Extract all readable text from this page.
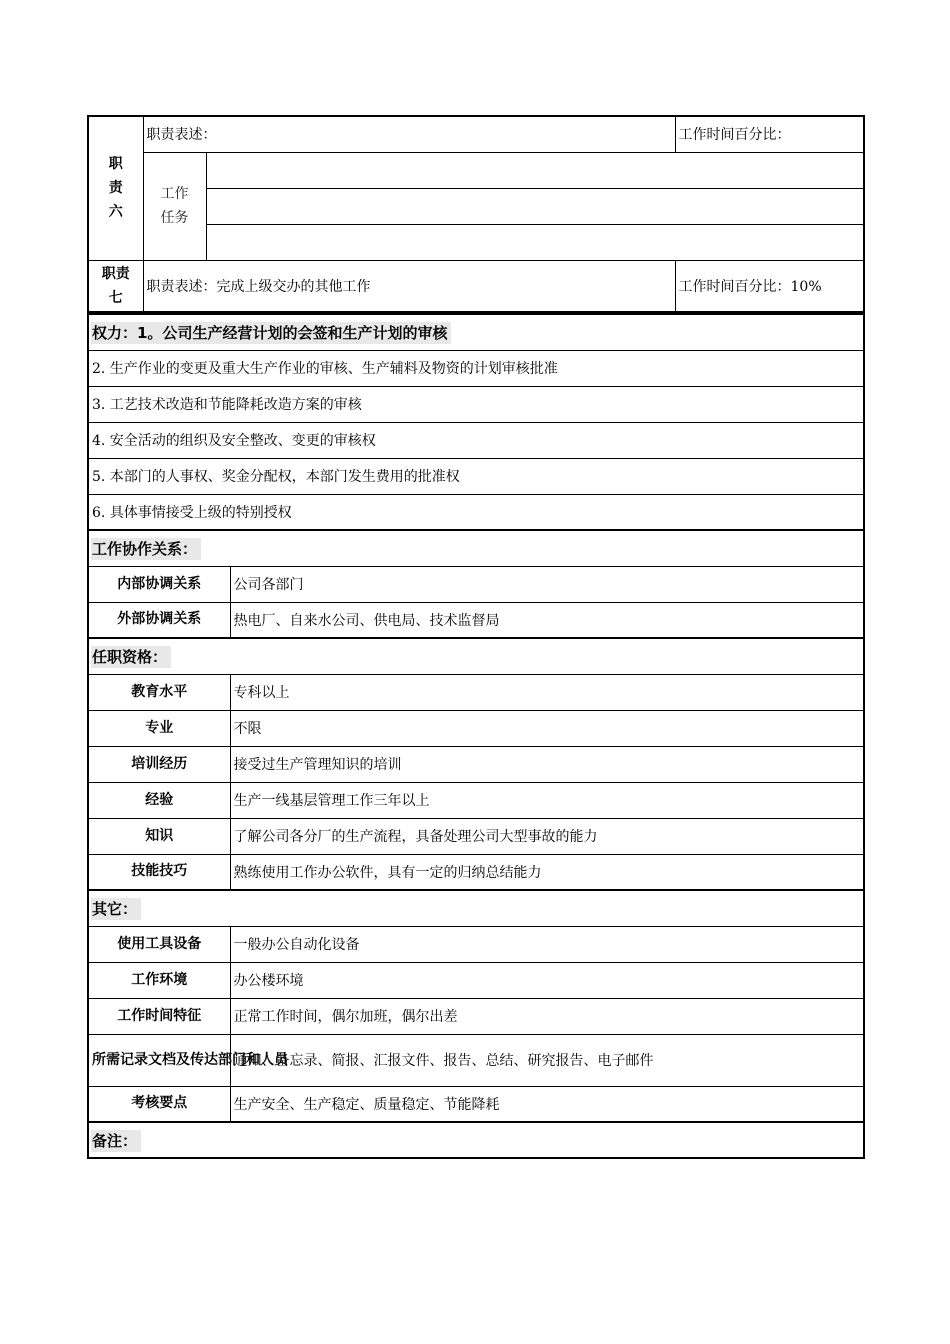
职
责
六	职责表述：		工作时间百分比：
	工作
任务		

职责
七	职责表述：完成上级交办的其他工作		工作时间百分比：10%
权力：1。公司生产经营计划的会签和生产计划的审核	
2. 生产作业的变更及重大生产作业的审核、生产辅料及物资的计划审核批准	
3. 工艺技术改造和节能降耗改造方案的审核	
4. 安全活动的组织及安全整改、变更的审核权	
5. 本部门的人事权、奖金分配权，本部门发生费用的批准权	
6. 具体事情接受上级的特别授权	
工作协作关系：	
内部协调关系	公司各部门
外部协调关系	热电厂、自来水公司、供电局、技术监督局
任职资格：	
教育水平	专科以上
专业	不限
培训经历	接受过生产管理知识的培训
经验	生产一线基层管理工作三年以上
知识	了解公司各分厂的生产流程，具备处理公司大型事故的能力
技能技巧	熟练使用工作办公软件，具有一定的归纳总结能力
其它：	
使用工具设备	一般办公自动化设备
工作环境	办公楼环境
工作时间特征	正常工作时间，偶尔加班，偶尔出差
所需记录文档及传达部门和人员	通知、备忘录、简报、汇报文件、报告、总结、研究报告、电子邮件
考核要点	生产安全、生产稳定、质量稳定、节能降耗
备注：	
